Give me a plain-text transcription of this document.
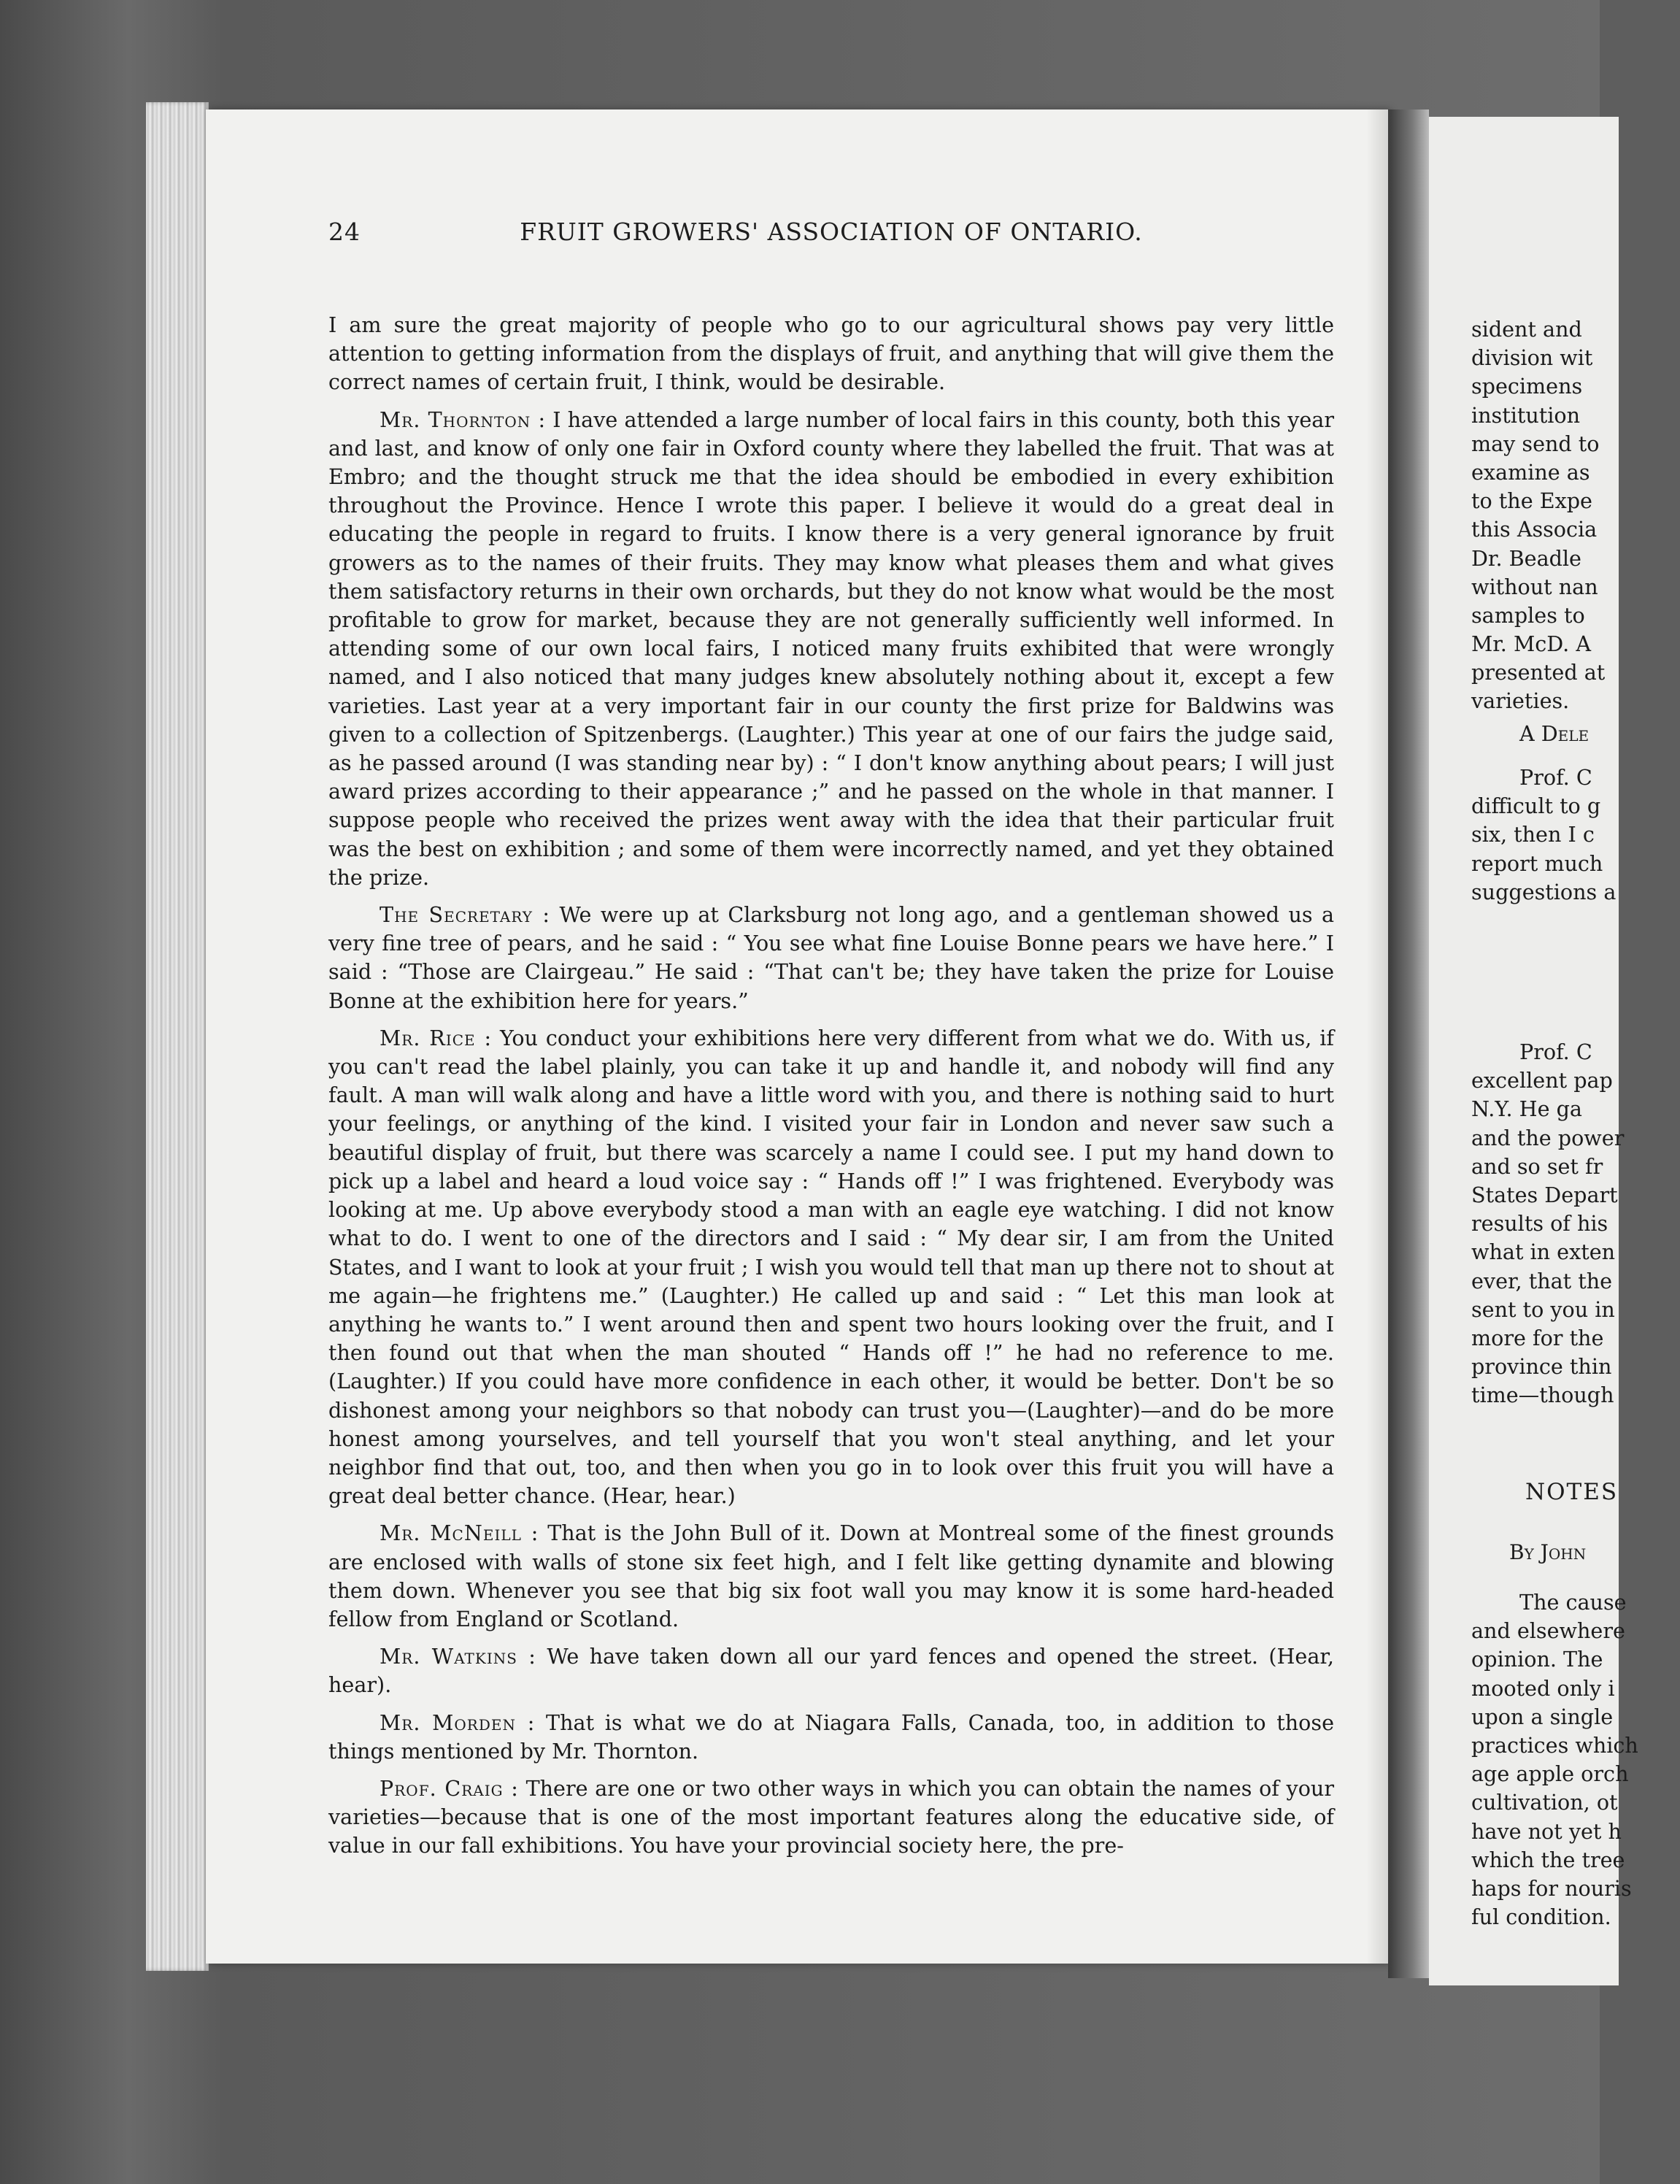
24	FRUIT GROWERS' ASSOCIATION OF ONTARIO.

I am sure the great majority of people who go to our agricultural shows pay very little attention to getting information from the displays of fruit, and anything that will give them the correct names of certain fruit, I think, would be desirable.

Mr. Thornton : I have attended a large number of local fairs in this county, both this year and last, and know of only one fair in Oxford county where they labelled the fruit. That was at Embro; and the thought struck me that the idea should be embodied in every exhibition throughout the Province. Hence I wrote this paper. I believe it would do a great deal in educating the people in regard to fruits. I know there is a very general ignorance by fruit growers as to the names of their fruits. They may know what pleases them and what gives them satisfactory returns in their own orchards, but they do not know what would be the most profitable to grow for market, because they are not generally sufficiently well informed. In attending some of our own local fairs, I noticed many fruits exhibited that were wrongly named, and I also noticed that many judges knew absolutely nothing about it, except a few varieties. Last year at a very important fair in our county the first prize for Baldwins was given to a collection of Spitzenbergs. (Laughter.) This year at one of our fairs the judge said, as he passed around (I was standing near by) : “ I don't know anything about pears; I will just award prizes according to their appearance ;” and he passed on the whole in that manner. I suppose people who received the prizes went away with the idea that their particular fruit was the best on exhibition ; and some of them were incorrectly named, and yet they obtained the prize.

The Secretary : We were up at Clarksburg not long ago, and a gentleman showed us a very fine tree of pears, and he said : “ You see what fine Louise Bonne pears we have here.” I said : “Those are Clairgeau.” He said : “That can't be; they have taken the prize for Louise Bonne at the exhibition here for years.”

Mr. Rice : You conduct your exhibitions here very different from what we do. With us, if you can't read the label plainly, you can take it up and handle it, and nobody will find any fault. A man will walk along and have a little word with you, and there is nothing said to hurt your feelings, or anything of the kind. I visited your fair in London and never saw such a beautiful display of fruit, but there was scarcely a name I could see. I put my hand down to pick up a label and heard a loud voice say : “ Hands off !” I was frightened. Everybody was looking at me. Up above everybody stood a man with an eagle eye watching. I did not know what to do. I went to one of the directors and I said : “ My dear sir, I am from the United States, and I want to look at your fruit ; I wish you would tell that man up there not to shout at me again—he frightens me.” (Laughter.) He called up and said : “ Let this man look at anything he wants to.” I went around then and spent two hours looking over the fruit, and I then found out that when the man shouted “ Hands off !” he had no reference to me. (Laughter.) If you could have more confidence in each other, it would be better. Don't be so dishonest among your neighbors so that nobody can trust you—(Laughter)—and do be more honest among yourselves, and tell yourself that you won't steal anything, and let your neighbor find that out, too, and then when you go in to look over this fruit you will have a great deal better chance. (Hear, hear.)

Mr. McNeill : That is the John Bull of it. Down at Montreal some of the finest grounds are enclosed with walls of stone six feet high, and I felt like getting dynamite and blowing them down. Whenever you see that big six foot wall you may know it is some hard-headed fellow from England or Scotland.

Mr. Watkins : We have taken down all our yard fences and opened the street. (Hear, hear).

Mr. Morden : That is what we do at Niagara Falls, Canada, too, in addition to those things mentioned by Mr. Thornton.

Prof. Craig : There are one or two other ways in which you can obtain the names of your varieties—because that is one of the most important features along the educative side, of value in our fall exhibitions. You have your provincial society here, the pre-

sident and
division wit
specimens
institution
may send to
examine as
to the Expe
this Associa
Dr. Beadle
without nan
samples to
Mr. McD. A
presented at
varieties.
A Dele
Prof. C
difficult to g
six, then I c
report much
suggestions a
Prof. C
excellent pap
N.Y. He ga
and the power
and so set fr
States Depart
results of his
what in exten
ever, that the
sent to you in
more for the
province thin
time—though
NOTES
By John
The cause
and elsewhere
opinion. The
mooted only i
upon a single
practices which
age apple orch
cultivation, ot
have not yet h
which the tree
haps for nouris
ful condition.
